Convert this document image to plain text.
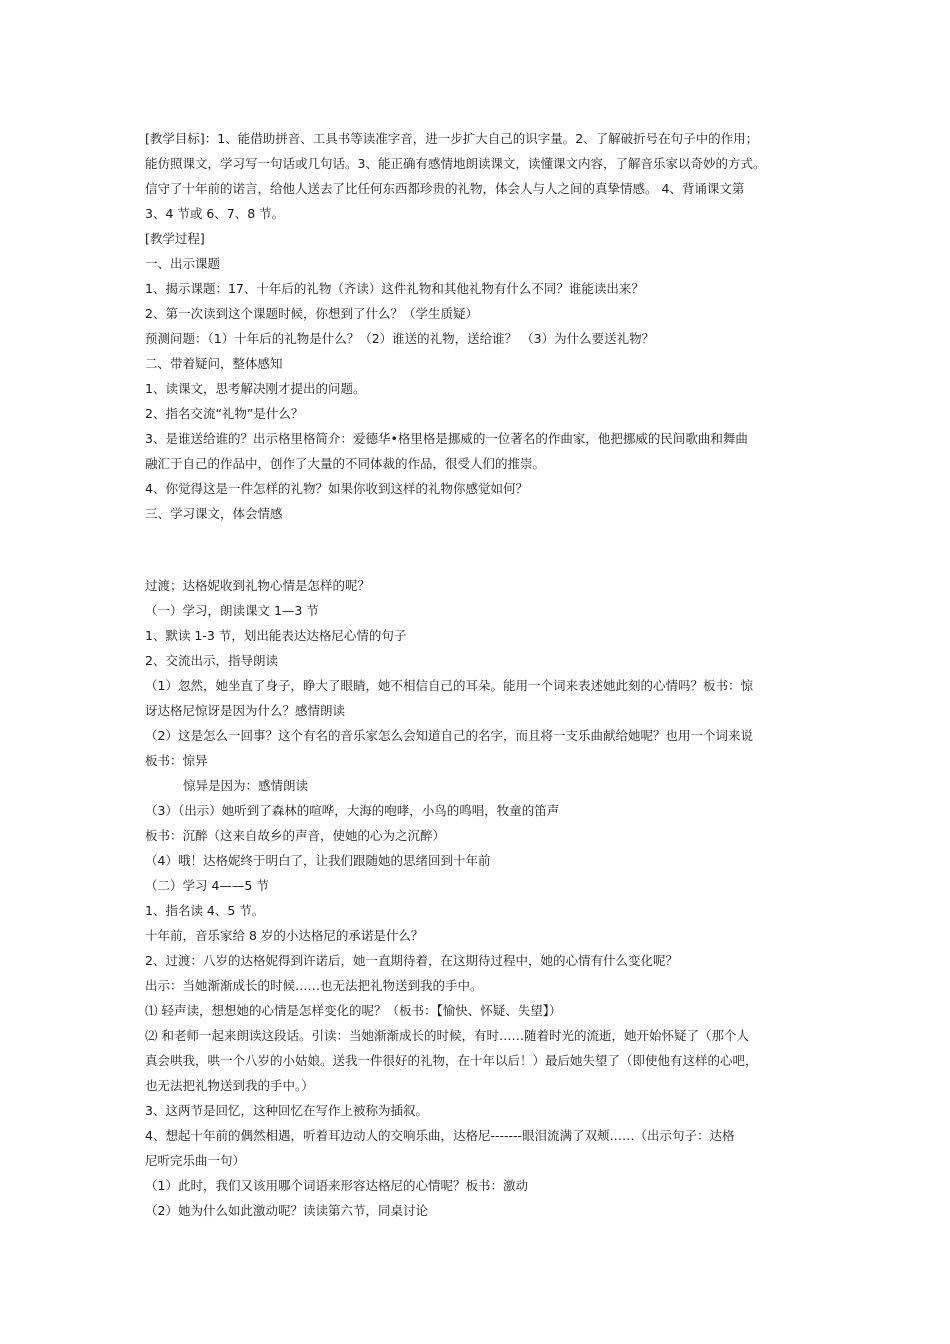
[教学目标]：1、能借助拼音、工具书等读准字音，进一步扩大自己的识字量。2、了解破折号在句子中的作用；
能仿照课文，学习写一句话或几句话。3、能正确有感情地朗读课文，读懂课文内容，了解音乐家以奇妙的方式。
信守了十年前的诺言，给他人送去了比任何东西都珍贵的礼物，体会人与人之间的真挚情感。 4、背诵课文第
3、4 节或 6、7、8 节。
[教学过程]
一、出示课题
1、揭示课题：17、十年后的礼物（齐读）这件礼物和其他礼物有什么不同？谁能读出来？
2、第一次读到这个课题时候，你想到了什么？（学生质疑）
预测问题：（1）十年后的礼物是什么？（2）谁送的礼物，送给谁？ （3）为什么要送礼物？
二、带着疑问，整体感知
1、读课文，思考解决刚才提出的问题。
2、指名交流“礼物”是什么？
3、是谁送给谁的？出示格里格简介：爱德华•格里格是挪威的一位著名的作曲家，他把挪威的民间歌曲和舞曲
融汇于自己的作品中，创作了大量的不同体裁的作品，很受人们的推崇。
4、你觉得这是一件怎样的礼物？如果你收到这样的礼物你感觉如何？
三、学习课文，体会情感
过渡；达格妮收到礼物心情是怎样的呢？
（一）学习，朗读课文 1—3 节
1、默读 1-3 节，划出能表达达格尼心情的句子
2、交流出示，指导朗读
（1）忽然，她坐直了身子，睁大了眼睛，她不相信自己的耳朵。能用一个词来表述她此刻的心情吗？板书：惊
讶达格尼惊讶是因为什么？感情朗读
（2）这是怎么一回事？这个有名的音乐家怎么会知道自己的名字，而且将一支乐曲献给她呢？也用一个词来说
板书：惊异
惊异是因为：感情朗读
（3）（出示）她听到了森林的喧哗，大海的咆哮，小鸟的鸣唱，牧童的笛声
板书：沉醉（这来自故乡的声音，使她的心为之沉醉）
（4）哦！达格妮终于明白了，让我们跟随她的思绪回到十年前
（二）学习 4——5 节
1、指名读 4、5 节。
十年前，音乐家给 8 岁的小达格尼的承诺是什么？
2、过渡：八岁的达格妮得到许诺后，她一直期待着，在这期待过程中，她的心情有什么变化呢？
出示：当她渐渐成长的时候……也无法把礼物送到我的手中。
⑴ 轻声读，想想她的心情是怎样变化的呢？（板书：【愉快、怀疑、失望】）
⑵ 和老师一起来朗读这段话。引读：当她渐渐成长的时候，有时……随着时光的流逝，她开始怀疑了（那个人
真会哄我，哄一个八岁的小姑娘。送我一件很好的礼物，在十年以后！）最后她失望了（即使他有这样的心吧，
也无法把礼物送到我的手中。）
3、这两节是回忆，这种回忆在写作上被称为插叙。
4、想起十年前的偶然相遇，听着耳边动人的交响乐曲，达格尼-------眼泪流满了双颊……（出示句子：达格
尼听完乐曲一句）
（1）此时，我们又该用哪个词语来形容达格尼的心情呢？板书：激动
（2）她为什么如此激动呢？读读第六节，同桌讨论
